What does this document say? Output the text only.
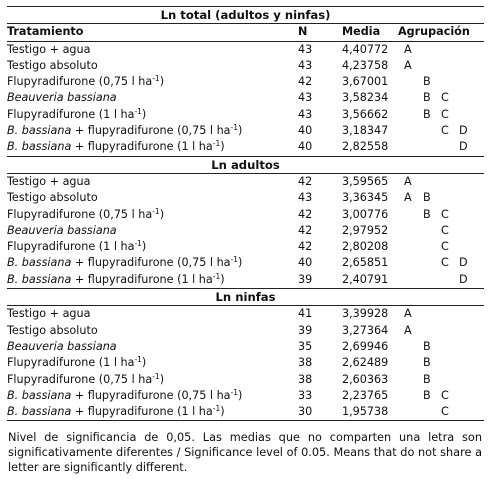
Ln total (adultos y ninfas)			
Tratamiento	N	Media	Agrupación
Testigo + agua	43	4,40772	A

Testigo absoluto	43	4,23758	A

Flupyradifurone (0,75 l $ha^{-1}$)	42	3,67001	B

Beauveria bassiana	43	3,58234	B C

Flupyradifurone (1 l $ha^{-1}$)	43	3,56662	B C

B. bassiana + flupyradifurone (0,75 l $ha^{-1}$)	40	3,18347	C D

B. bassiana + flupyradifurone (1 l $ha^{-1}$)	40	2,82558	D

Ln adultos			
Testigo + agua	42	3,59565	A

Testigo absoluto	43	3,36345	A B

Flupyradifurone (0,75 l $ha^{-1}$)	42	3,00776	B C

Beauveria bassiana	42	2,97952	C

Flupyradifurone (1 l $ha^{-1}$)	42	2,80208	C

B. bassiana + flupyradifurone (0,75 l $ha^{-1}$)	40	2,65851	C D

B. bassiana + flupyradifurone (1 l $ha^{-1}$)	39	2,40791	D

Ln ninfas			
Testigo + agua	41	3,39928	A

Testigo absoluto	39	3,27364	A

Beauveria bassiana	35	2,69946	B

Flupyradifurone (1 l $ha^{-1}$)	38	2,62489	B

Flupyradifurone (0,75 l $ha^{-1}$)	38	2,60363	B

B. bassiana + flupyradifurone (0,75 l $ha^{-1}$)	33	2,23765	B C

B. bassiana + flupyradifurone (1 l $ha^{-1}$)	30	1,95738	C

Nivel de significancia de 0,05. Las medias que no comparten una letra son significativamente diferentes / Significance level of 0.05. Means that do not share a letter are significantly different.
